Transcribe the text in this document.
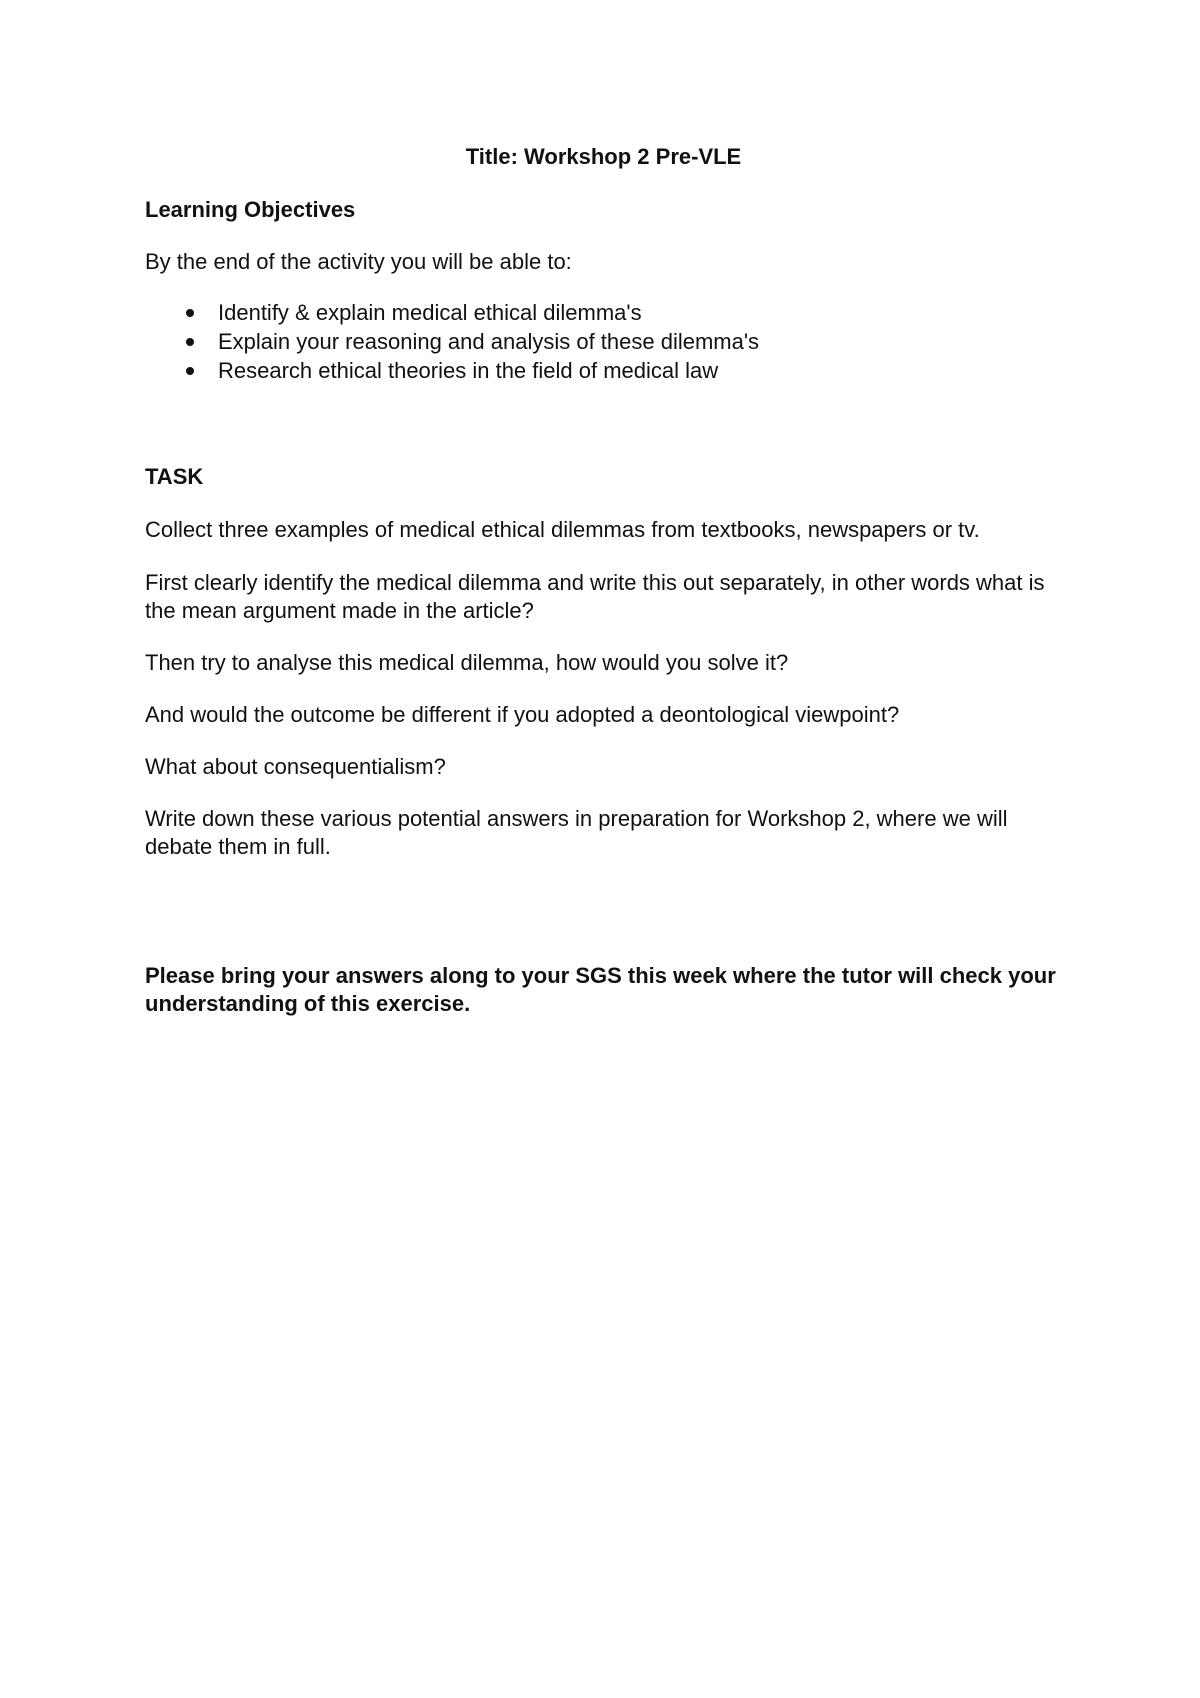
Title: Workshop 2 Pre-VLE

Learning Objectives

By the end of the activity you will be able to:

Identify & explain medical ethical dilemma's
Explain your reasoning and analysis of these dilemma's
Research ethical theories in the field of medical law

TASK

Collect three examples of medical ethical dilemmas from textbooks, newspapers or tv.

First clearly identify the medical dilemma and write this out separately, in other words what is the mean argument made in the article?

Then try to analyse this medical dilemma, how would you solve it?

And would the outcome be different if you adopted a deontological viewpoint?

What about consequentialism?

Write down these various potential answers in preparation for Workshop 2, where we will debate them in full.

Please bring your answers along to your SGS this week where the tutor will check your understanding of this exercise.
